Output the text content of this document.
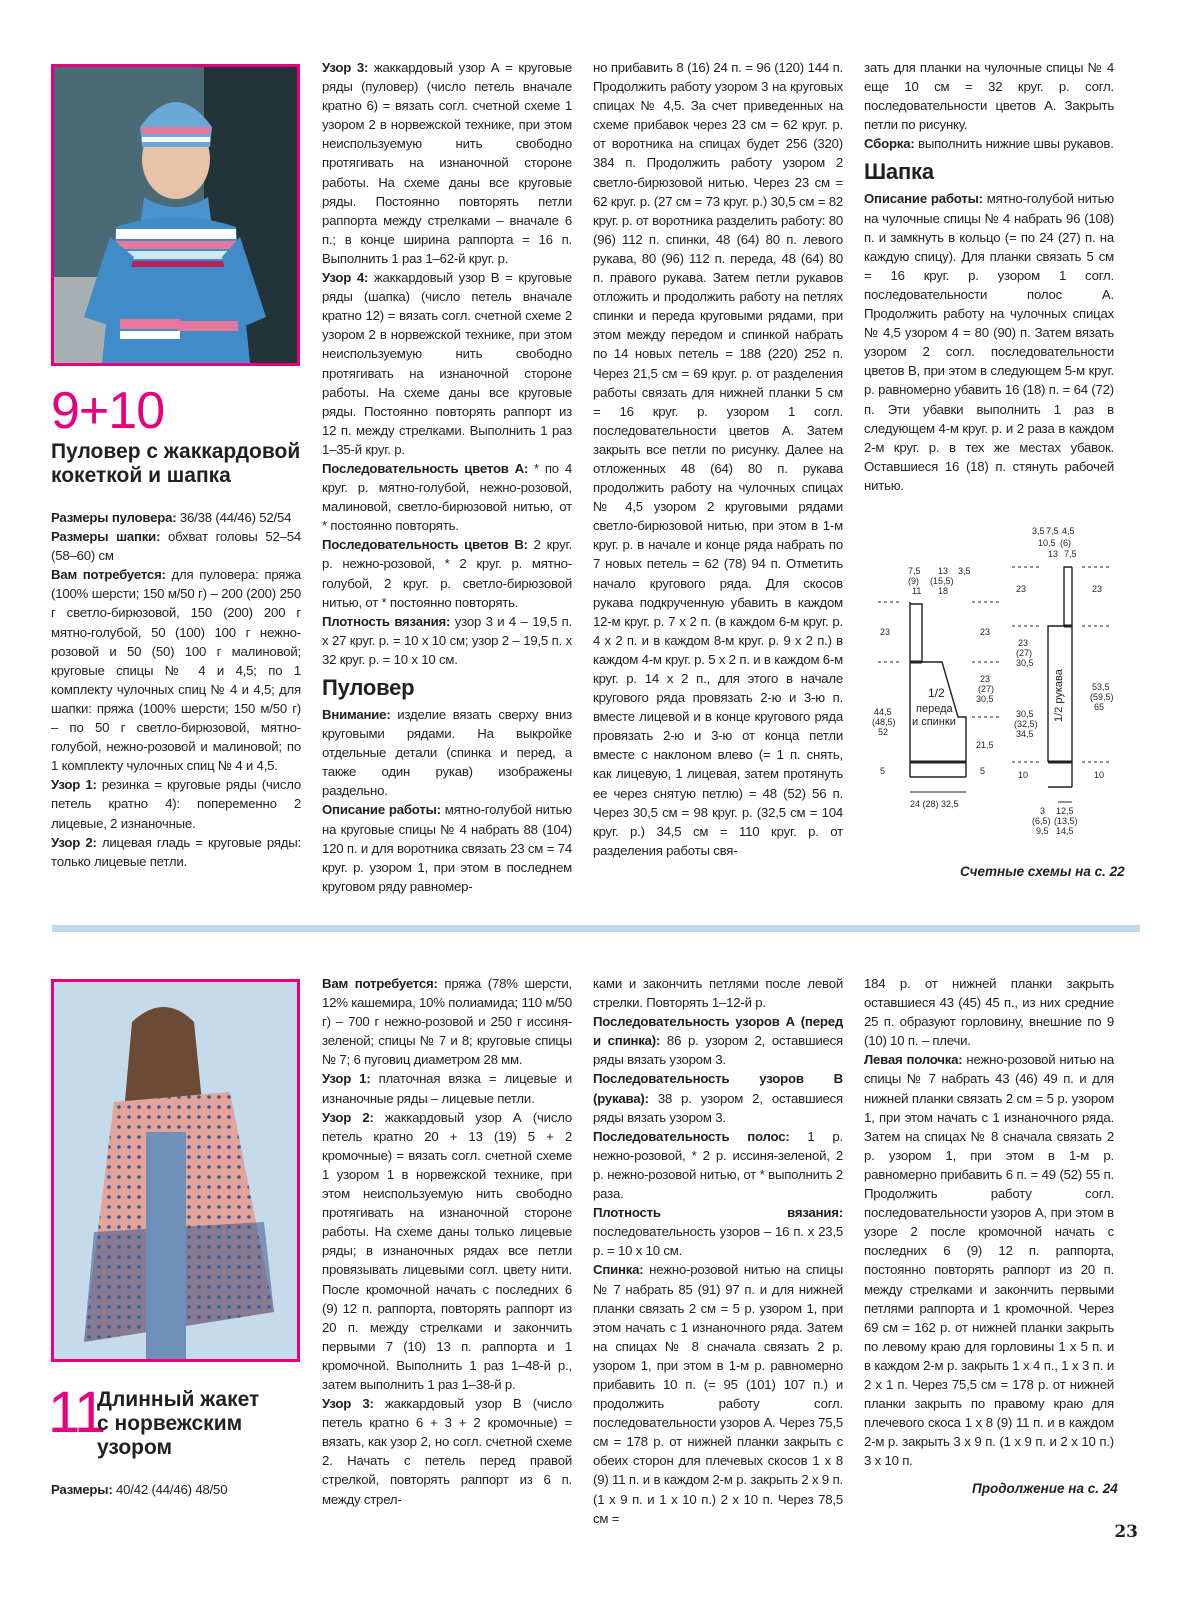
9+10
Пуловер с жаккардовой
кокеткой и шапка

Размеры пуловера: 36/38 (44/46) 52/54

Размеры шапки: обхват головы 52–54 (58–60) см

Вам потребуется: для пуловера: пряжа (100% шерсти; 150 м/50 г) – 200 (200) 250 г светло-бирюзовой, 150 (200) 200 г мятно-голубой, 50 (100) 100 г нежно-розовой и 50 (50) 100 г малиновой; круговые спицы № 4 и 4,5; по 1 комплекту чулочных спиц № 4 и 4,5; для шапки: пряжа (100% шерсти; 150 м/50 г) – по 50 г светло-бирюзовой, мятно-голубой, нежно-розовой и малиновой; по 1 комплекту чулочных спиц № 4 и 4,5.

Узор 1: резинка = круговые ряды (число петель кратно 4): попеременно 2 лицевые, 2 изнаночные.

Узор 2: лицевая гладь = круговые ряды: только лицевые петли.

Узор 3: жаккардовый узор А = круговые ряды (пуловер) (число петель вначале кратно 6) = вязать согл. счетной схеме 1 узором 2 в норвежской технике, при этом неиспользуемую нить свободно протягивать на изнаночной стороне работы. На схеме даны все круговые ряды. Постоянно повторять петли раппорта между стрелками – вначале 6 п.; в конце ширина раппорта = 16 п. Выполнить 1 раз 1–62-й круг. р.

Узор 4: жаккардовый узор В = круговые ряды (шапка) (число петель вначале кратно 12) = вязать согл. счетной схеме 2 узором 2 в норвежской технике, при этом неиспользуемую нить свободно протягивать на изнаночной стороне работы. На схеме даны все круговые ряды. Постоянно повторять раппорт из 12 п. между стрелками. Выполнить 1 раз 1–35-й круг. р.

Последовательность цветов А: * по 4 круг. р. мятно-голубой, нежно-розовой, малиновой, светло-бирюзовой нитью, от * постоянно повторять.

Последовательность цветов В: 2 круг. р. нежно-розовой, * 2 круг. р. мятно-голубой, 2 круг. р. светло-бирюзовой нитью, от * постоянно повторять.

Плотность вязания: узор 3 и 4 – 19,5 п. х 27 круг. р. = 10 х 10 см; узор 2 – 19,5 п. х 32 круг. р. = 10 х 10 см.

Пуловер

Внимание: изделие вязать сверху вниз круговыми рядами. На выкройке отдельные детали (спинка и перед, а также один рукав) изображены раздельно.

Описание работы: мятно-голубой нитью на круговые спицы № 4 набрать 88 (104) 120 п. и для воротника связать 23 см = 74 круг. р. узором 1, при этом в последнем круговом ряду равномер-

но прибавить 8 (16) 24 п. = 96 (120) 144 п. Продолжить работу узором 3 на круговых спицах № 4,5. За счет приведенных на схеме прибавок через 23 см = 62 круг. р. от воротника на спицах будет 256 (320) 384 п. Продолжить работу узором 2 светло-бирюзовой нитью. Через 23 см = 62 круг. р. (27 см = 73 круг. р.) 30,5 см = 82 круг. р. от воротника разделить работу: 80 (96) 112 п. спинки, 48 (64) 80 п. левого рукава, 80 (96) 112 п. переда, 48 (64) 80 п. правого рукава. Затем петли рукавов отложить и продолжить работу на петлях спинки и переда круговыми рядами, при этом между передом и спинкой набрать по 14 новых петель = 188 (220) 252 п. Через 21,5 см = 69 круг. р. от разделения работы связать для нижней планки 5 см = 16 круг. р. узором 1 согл. последовательности цветов А. Затем закрыть все петли по рисунку. Далее на отложенных 48 (64) 80 п. рукава продолжить работу на чулочных спицах № 4,5 узором 2 круговыми рядами светло-бирюзовой нитью, при этом в 1-м круг. р. в начале и конце ряда набрать по 7 новых петель = 62 (78) 94 п. Отметить начало кругового ряда. Для скосов рукава подкрученную убавить в каждом 12-м круг. р. 7 х 2 п. (в каждом 6-м круг. р. 4 х 2 п. и в каждом 8-м круг. р. 9 х 2 п.) в каждом 4-м круг. р. 5 х 2 п. и в каждом 6-м круг. р. 14 х 2 п., для этого в начале кругового ряда провязать 2-ю и 3-ю п. вместе лицевой и в конце кругового ряда провязать 2-ю и 3-ю от конца петли вместе с наклоном влево (= 1 п. снять, как лицевую, 1 лицевая, затем протянуть ее через снятую петлю) = 48 (52) 56 п. Через 30,5 см = 98 круг. р. (32,5 см = 104 круг. р.) 34,5 см = 110 круг. р. от разделения работы свя-

зать для планки на чулочные спицы № 4 еще 10 см = 32 круг. р. согл. последовательности цветов А. Закрыть петли по рисунку.

Сборка: выполнить нижние швы рукавов.

Шапка

Описание работы: мятно-голубой нитью на чулочные спицы № 4 набрать 96 (108) п. и замкнуть в кольцо (= по 24 (27) п. на каждую спицу). Для планки связать 5 см = 16 круг. р. узором 1 согл. последовательности полос А. Продолжить работу на чулочных спицах № 4,5 узором 4 = 80 (90) п. Затем вязать узором 2 согл. последовательности цветов В, при этом в следующем 5-м круг. р. равномерно убавить 16 (18) п. = 64 (72) п. Эти убавки выполнить 1 раз в следующем 4-м круг. р. и 2 раза в каждом 2-м круг. р. в тех же местах убавок. Оставшиеся 16 (18) п. стянуть рабочей нитью.

1/2
переда
и спинки	1/2 рукава
7,5
(9)
11
13
(15,5)
18
3,5
23	23
23
(27)
30,5
44,5
(48,5)
52
21,5
5	5
24 (28) 32,5
3,5 7,5 4,5
10,5 (6)
13 7,5
23	23
23
(27)
30,5
30,5
(32,5)
34,5
53,5
(59,5)
65
10	10
3 12,5
(6,5) (13,5)
9,5 14,5
Счетные схемы на с. 22
11
Длинный жакет
с норвежским
узором

Размеры: 40/42 (44/46) 48/50

Вам потребуется: пряжа (78% шерсти, 12% кашемира, 10% полиамида; 110 м/50 г) – 700 г нежно-розовой и 250 г иссиня-зеленой; спицы № 7 и 8; круговые спицы № 7; 6 пуговиц диаметром 28 мм.

Узор 1: платочная вязка = лицевые и изнаночные ряды – лицевые петли.

Узор 2: жаккардовый узор А (число петель кратно 20 + 13 (19) 5 + 2 кромочные) = вязать согл. счетной схеме 1 узором 1 в норвежской технике, при этом неиспользуемую нить свободно протягивать на изнаночной стороне работы. На схеме даны только лицевые ряды; в изнаночных рядах все петли провязывать лицевыми согл. цвету нити. После кромочной начать с последних 6 (9) 12 п. раппорта, повторять раппорт из 20 п. между стрелками и закончить первыми 7 (10) 13 п. раппорта и 1 кромочной. Выполнить 1 раз 1–48-й р., затем выполнить 1 раз 1–38-й р.

Узор 3: жаккардовый узор В (число петель кратно 6 + 3 + 2 кромочные) = вязать, как узор 2, но согл. счетной схеме 2. Начать с петель перед правой стрелкой, повторять раппорт из 6 п. между стрел-

ками и закончить петлями после левой стрелки. Повторять 1–12-й р.

Последовательность узоров А (перед и спинка): 86 р. узором 2, оставшиеся ряды вязать узором 3.

Последовательность узоров В (рукава): 38 р. узором 2, оставшиеся ряды вязать узором 3.

Последовательность полос: 1 р. нежно-розовой, * 2 р. иссиня-зеленой, 2 р. нежно-розовой нитью, от * выполнить 2 раза.

Плотность вязания: последовательность узоров – 16 п. х 23,5 р. = 10 х 10 см.

Спинка: нежно-розовой нитью на спицы № 7 набрать 85 (91) 97 п. и для нижней планки связать 2 см = 5 р. узором 1, при этом начать с 1 изнаночного ряда. Затем на спицах № 8 сначала связать 2 р. узором 1, при этом в 1-м р. равномерно прибавить 10 п. (= 95 (101) 107 п.) и продолжить работу согл. последовательности узоров А. Через 75,5 см = 178 р. от нижней планки закрыть с обеих сторон для плечевых скосов 1 х 8 (9) 11 п. и в каждом 2-м р. закрыть 2 х 9 п. (1 х 9 п. и 1 х 10 п.) 2 х 10 п. Через 78,5 см =

184 р. от нижней планки закрыть оставшиеся 43 (45) 45 п., из них средние 25 п. образуют горловину, внешние по 9 (10) 10 п. – плечи.

Левая полочка: нежно-розовой нитью на спицы № 7 набрать 43 (46) 49 п. и для нижней планки связать 2 см = 5 р. узором 1, при этом начать с 1 изнаночного ряда. Затем на спицах № 8 сначала связать 2 р. узором 1, при этом в 1-м р. равномерно прибавить 6 п. = 49 (52) 55 п. Продолжить работу согл. последовательности узоров А, при этом в узоре 2 после кромочной начать с последних 6 (9) 12 п. раппорта, постоянно повторять раппорт из 20 п. между стрелками и закончить первыми петлями раппорта и 1 кромочной. Через 69 см = 162 р. от нижней планки закрыть по левому краю для горловины 1 х 5 п. и в каждом 2-м р. закрыть 1 х 4 п., 1 х 3 п. и 2 х 1 п. Через 75,5 см = 178 р. от нижней планки закрыть по правому краю для плечевого скоса 1 х 8 (9) 11 п. и в каждом 2-м р. закрыть 3 х 9 п. (1 х 9 п. и 2 х 10 п.) 3 х 10 п.

Продолжение на с. 24
23
